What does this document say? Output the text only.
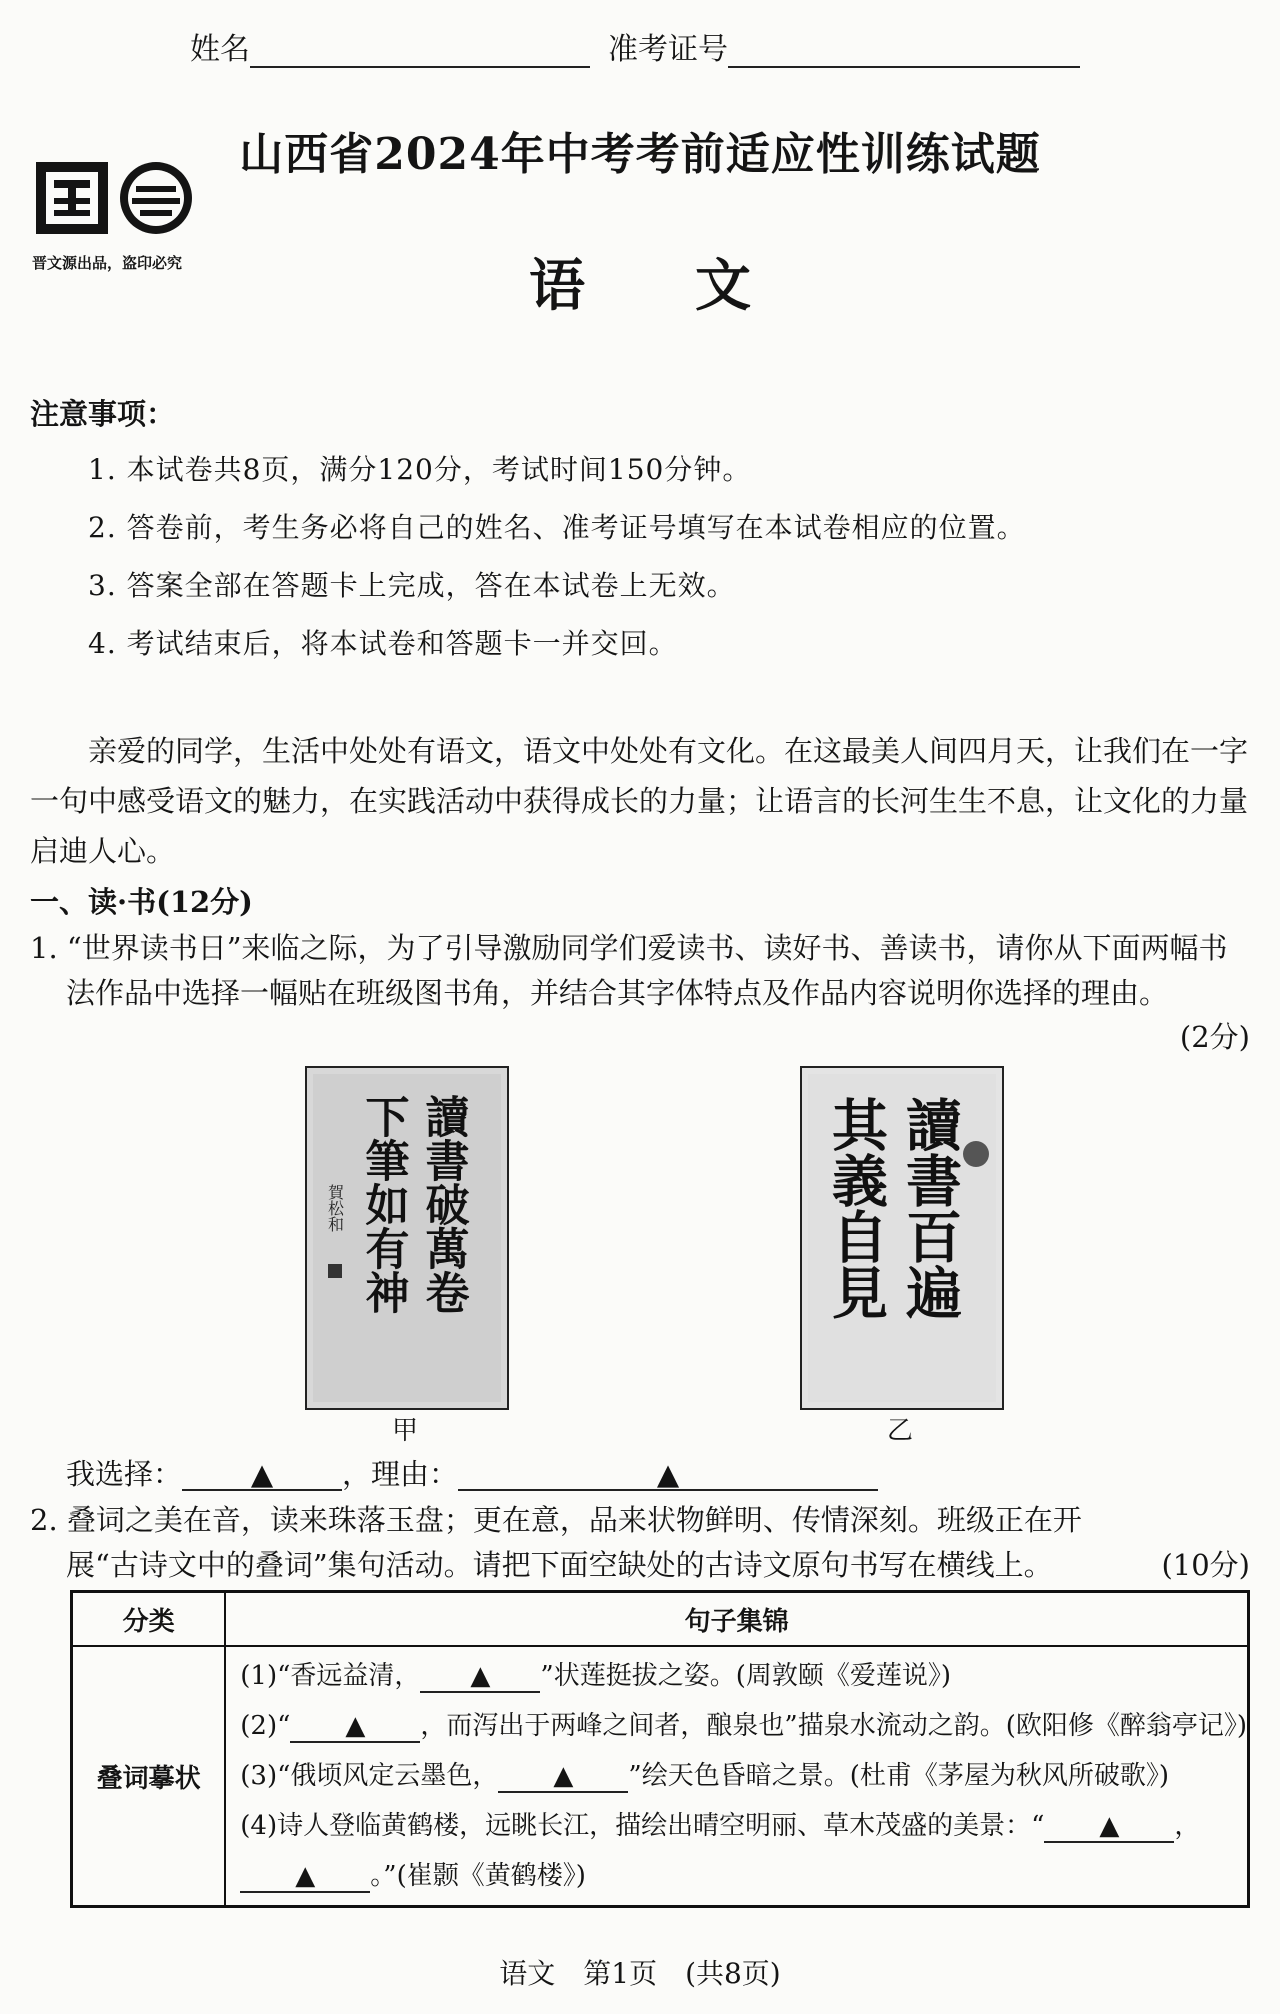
姓名	准考证号
晋文源出品，盗印必究
山西省2024年中考考前适应性训练试题
语文
注意事项：
1. 本试卷共8页，满分120分，考试时间150分钟。
2. 答卷前，考生务必将自己的姓名、准考证号填写在本试卷相应的位置。
3. 答案全部在答题卡上完成，答在本试卷上无效。
4. 考试结束后，将本试卷和答题卡一并交回。
亲爱的同学，生活中处处有语文，语文中处处有文化。在这最美人间四月天，让我们在一字一句中感受语文的魅力，在实践活动中获得成长的力量；让语言的长河生生不息，让文化的力量启迪人心。
一、读·书(12分)
1. “世界读书日”来临之际，为了引导激励同学们爱读书、读好书、善读书，请你从下面两幅书法作品中选择一幅贴在班级图书角，并结合其字体特点及作品内容说明你选择的理由。
(2分)
讀書破萬卷
下筆如有神
賀松和
甲
讀書百遍
其義自見
乙
我选择： ▲ ，理由：	▲
2. 叠词之美在音，读来珠落玉盘；更在意，品来状物鲜明、传情深刻。班级正在开展“古诗文中的叠词”集句活动。请把下面空缺处的古诗文原句书写在横线上。	(10分)
分类	句子集锦
叠词摹状	(1)“香远益清， ▲ ”状莲挺拔之姿。(周敦颐《爱莲说》)
(2)“ ▲ ，而泻出于两峰之间者，酿泉也”描泉水流动之韵。(欧阳修《醉翁亭记》)
(3)“俄顷风定云墨色， ▲ ”绘天色昏暗之景。(杜甫《茅屋为秋风所破歌》)
(4)诗人登临黄鹤楼，远眺长江，描绘出晴空明丽、草木茂盛的美景：“ ▲ ，
▲ 。”(崔颢《黄鹤楼》)
语文　第1页　(共8页)
